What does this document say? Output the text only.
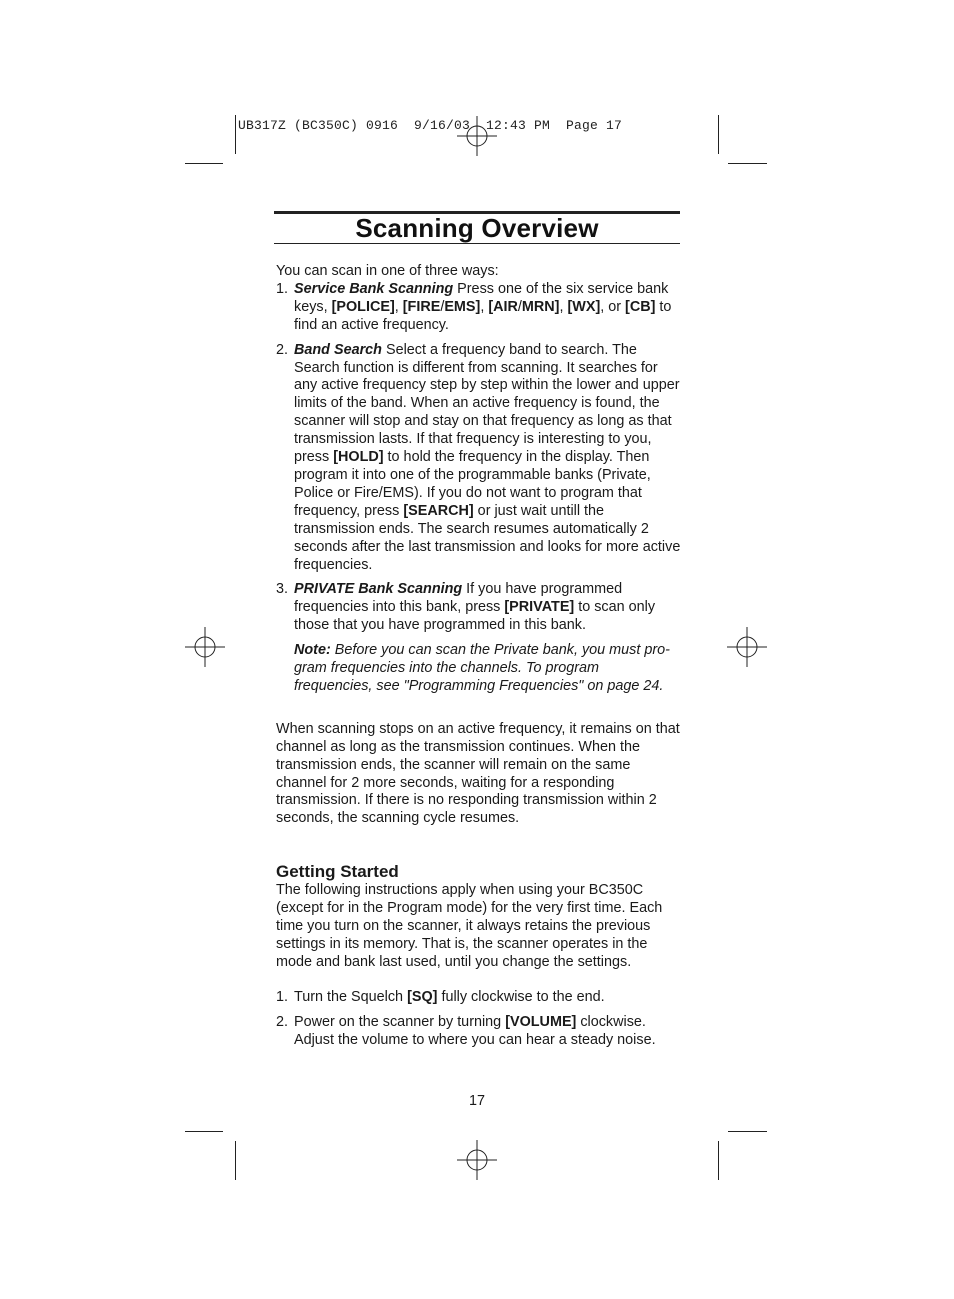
UB317Z (BC350C) 0916  9/16/03  12:43 PM  Page 17
Scanning Overview

You can scan in one of three ways:

1. Service Bank Scanning Press one of the six service bank keys, [POLICE], [FIRE/EMS], [AIR/MRN], [WX], or [CB] to find an active frequency.
2. Band Search Select a frequency band to search. The Search function is different from scanning. It searches for any active frequency step by step within the lower and upper limits of the band. When an active frequency is found, the scanner will stop and stay on that frequency as long as that transmission lasts. If that frequency is interesting to you, press [HOLD] to hold the frequency in the display. Then program it into one of the programmable banks (Private, Police or Fire/EMS). If you do not want to program that frequency, press [SEARCH] or just wait untill the transmission ends. The search resumes automatically 2 seconds after the last transmission and looks for more active frequencies.
3. PRIVATE Bank Scanning If you have programmed frequencies into this bank, press [PRIVATE] to scan only those that you have programmed in this bank.

Note: Before you can scan the Private bank, you must pro-gram frequencies into the channels. To program frequencies, see "Programming Frequencies" on page 24.

When scanning stops on an active frequency, it remains on that channel as long as the transmission continues. When the transmission ends, the scanner will remain on the same channel for 2 more seconds, waiting for a responding transmission. If there is no responding transmission within 2 seconds, the scanning cycle resumes.

Getting Started

The following instructions apply when using your BC350C (except for in the Program mode) for the very first time. Each time you turn on the scanner, it always retains the previous settings in its memory. That is, the scanner operates in the mode and bank last used, until you change the settings.

1. Turn the Squelch [SQ] fully clockwise to the end.
2. Power on the scanner by turning [VOLUME] clockwise. Adjust the volume to where you can hear a steady noise.
17
